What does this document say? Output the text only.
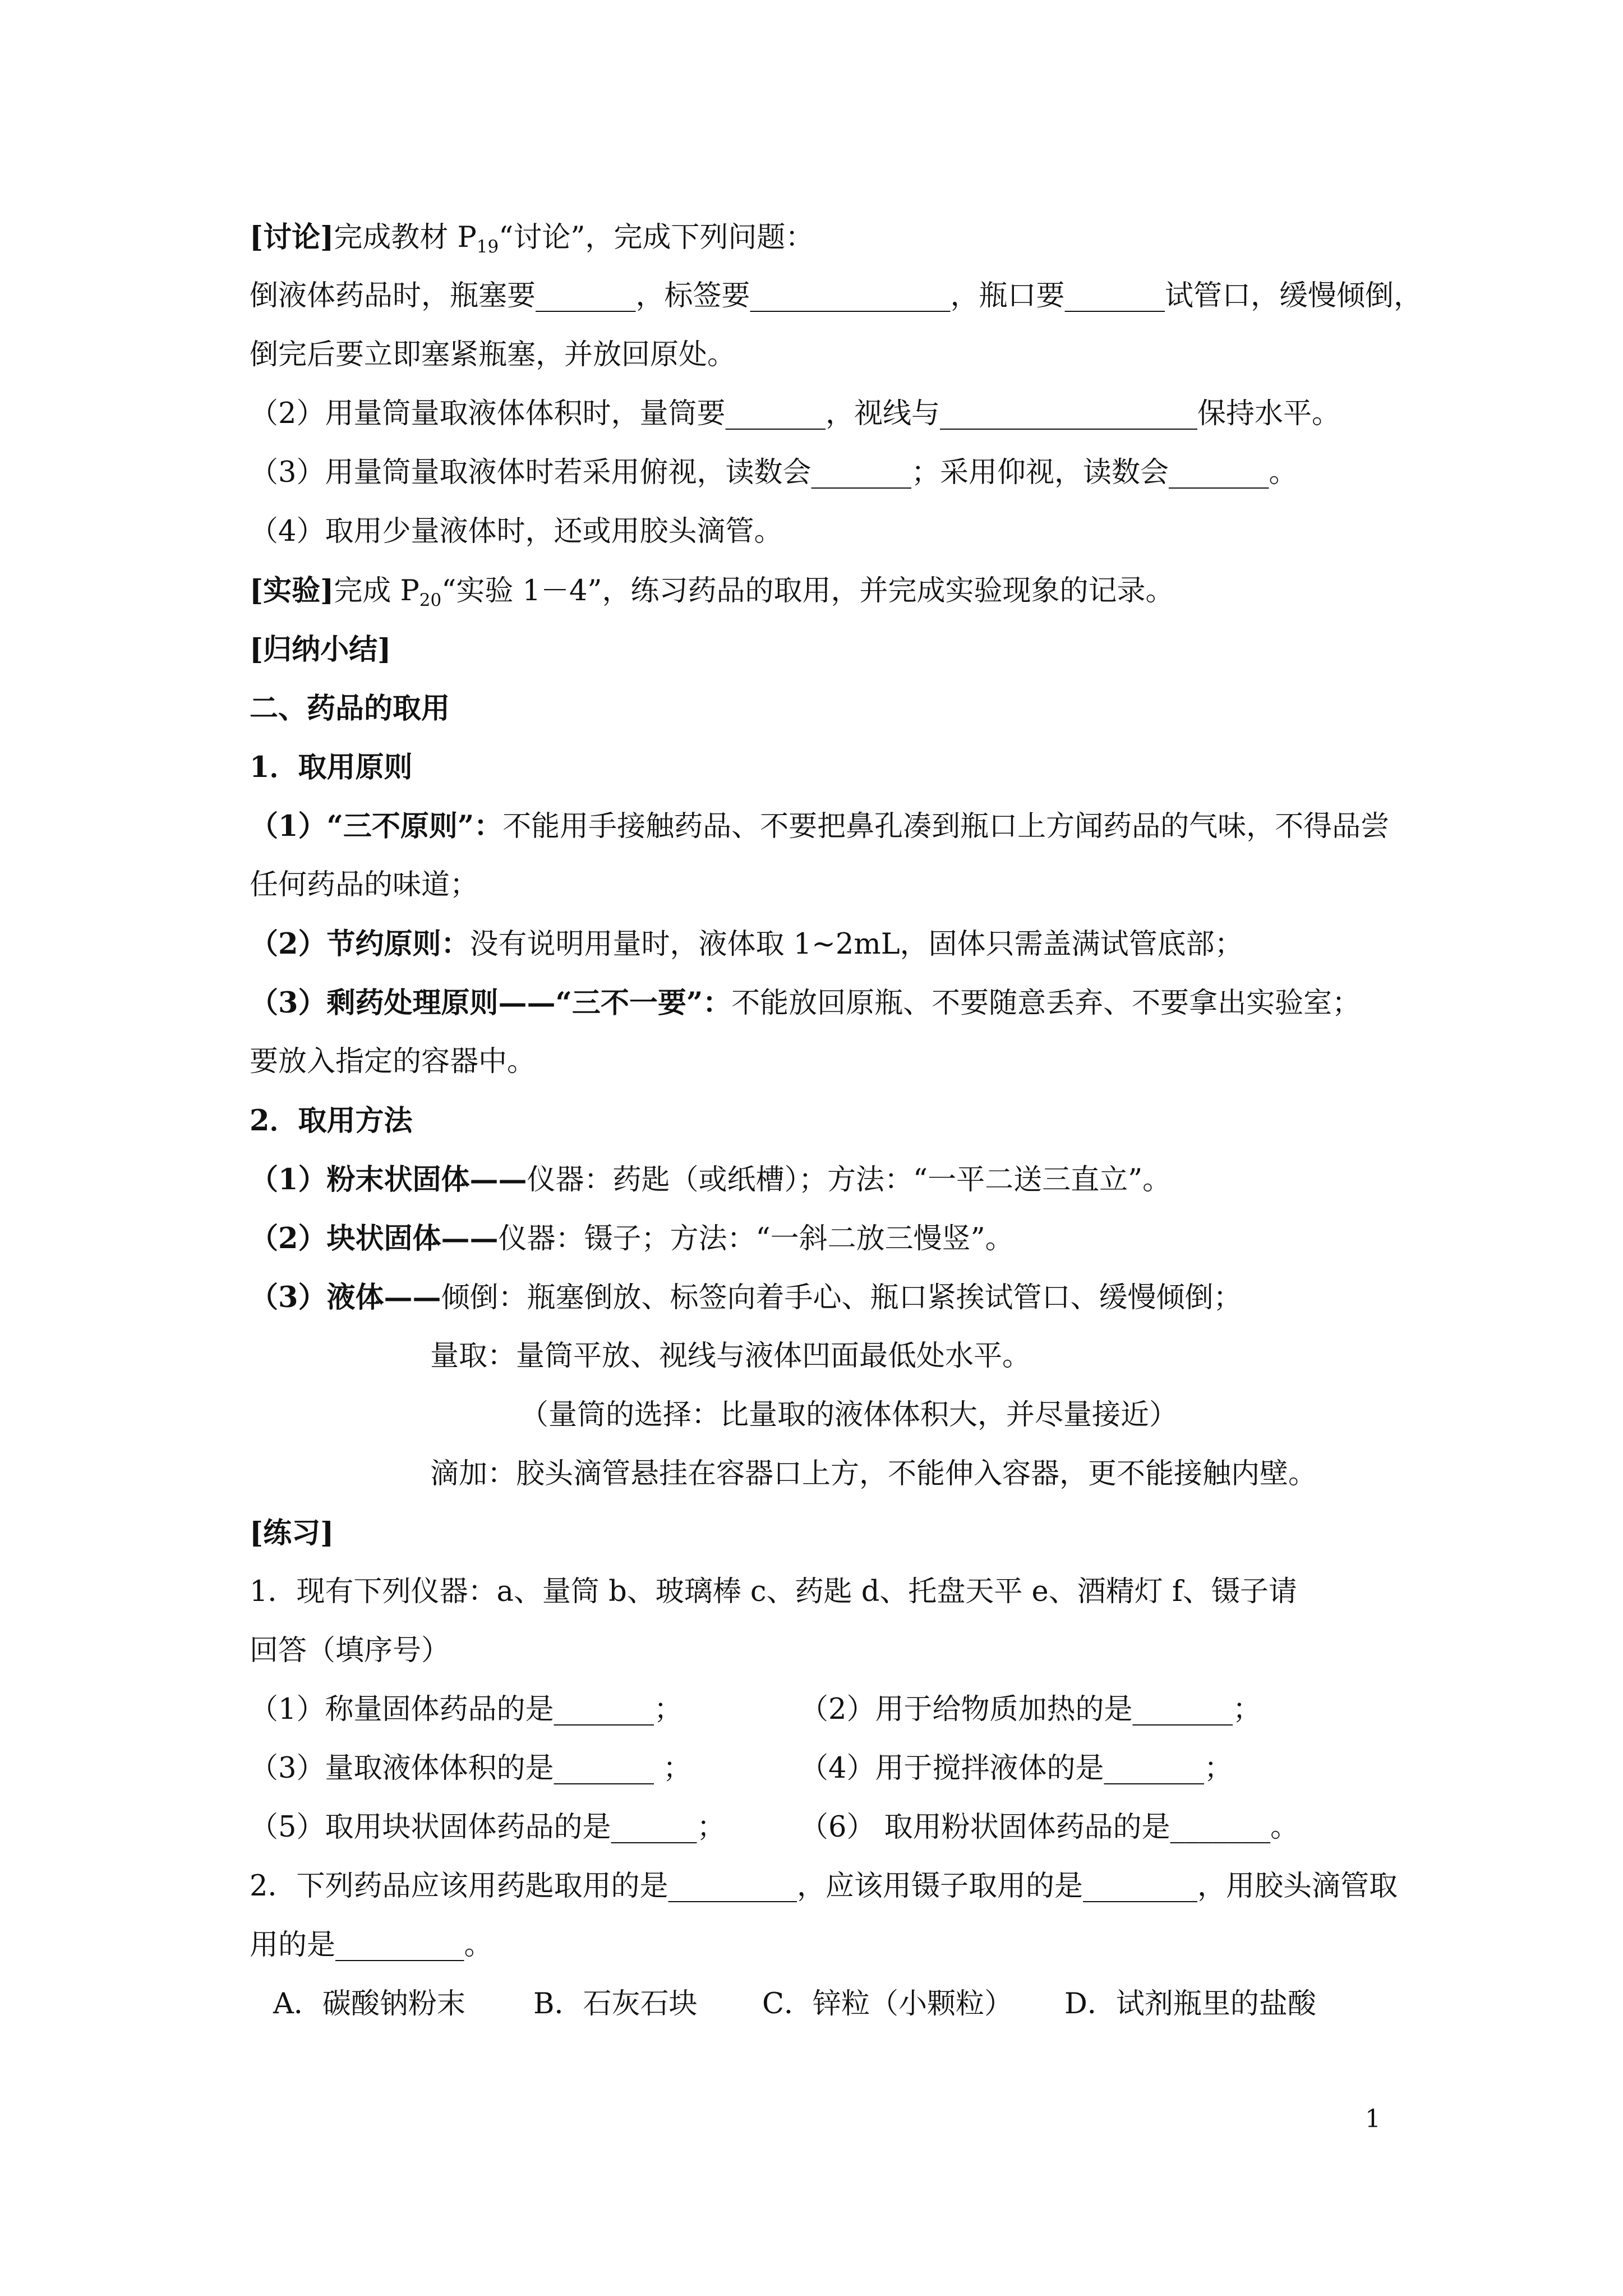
[讨论]完成教材 $P_{19}“$讨论”，完成下列问题：
倒液体药品时，瓶塞要_______，标签要______________，瓶口要_______试管口，缓慢倾倒，
倒完后要立即塞紧瓶塞，并放回原处。
（2）用量筒量取液体体积时，量筒要_______，视线与__________________保持水平。
（3）用量筒量取液体时若采用俯视，读数会_______；采用仰视，读数会_______。
（4）取用少量液体时，还或用胶头滴管。
[实验]完成 $P_{20}“$实验 1－4”，练习药品的取用，并完成实验现象的记录。
[归纳小结]
二、药品的取用
1．取用原则
（1）“三不原则”：不能用手接触药品、不要把鼻孔凑到瓶口上方闻药品的气味，不得品尝
任何药品的味道；
（2）节约原则：没有说明用量时，液体取 1~2mL，固体只需盖满试管底部；
（3）剩药处理原则——“三不一要”：不能放回原瓶、不要随意丢弃、不要拿出实验室；
要放入指定的容器中。
2．取用方法
（1）粉末状固体——仪器：药匙（或纸槽）；方法：“一平二送三直立”。
（2）块状固体——仪器：镊子；方法：“一斜二放三慢竖”。
（3）液体——倾倒：瓶塞倒放、标签向着手心、瓶口紧挨试管口、缓慢倾倒；
量取：量筒平放、视线与液体凹面最低处水平。
（量筒的选择：比量取的液体体积大，并尽量接近）
滴加：胶头滴管悬挂在容器口上方，不能伸入容器，更不能接触内壁。
[练习]
1．现有下列仪器：a、量筒 b、玻璃棒 c、药匙 d、托盘天平 e、酒精灯 f、镊子请
回答（填序号）
（1）称量固体药品的是_______；	（2）用于给物质加热的是_______；
（3）量取液体体积的是_______ ；	（4）用于搅拌液体的是_______；
（5）取用块状固体药品的是______；	（6） 取用粉状固体药品的是_______。
2．下列药品应该用药匙取用的是_________，应该用镊子取用的是________，用胶头滴管取
用的是_________。
A．碳酸钠粉末	B．石灰石块	C．锌粒（小颗粒）	D．试剂瓶里的盐酸
1
